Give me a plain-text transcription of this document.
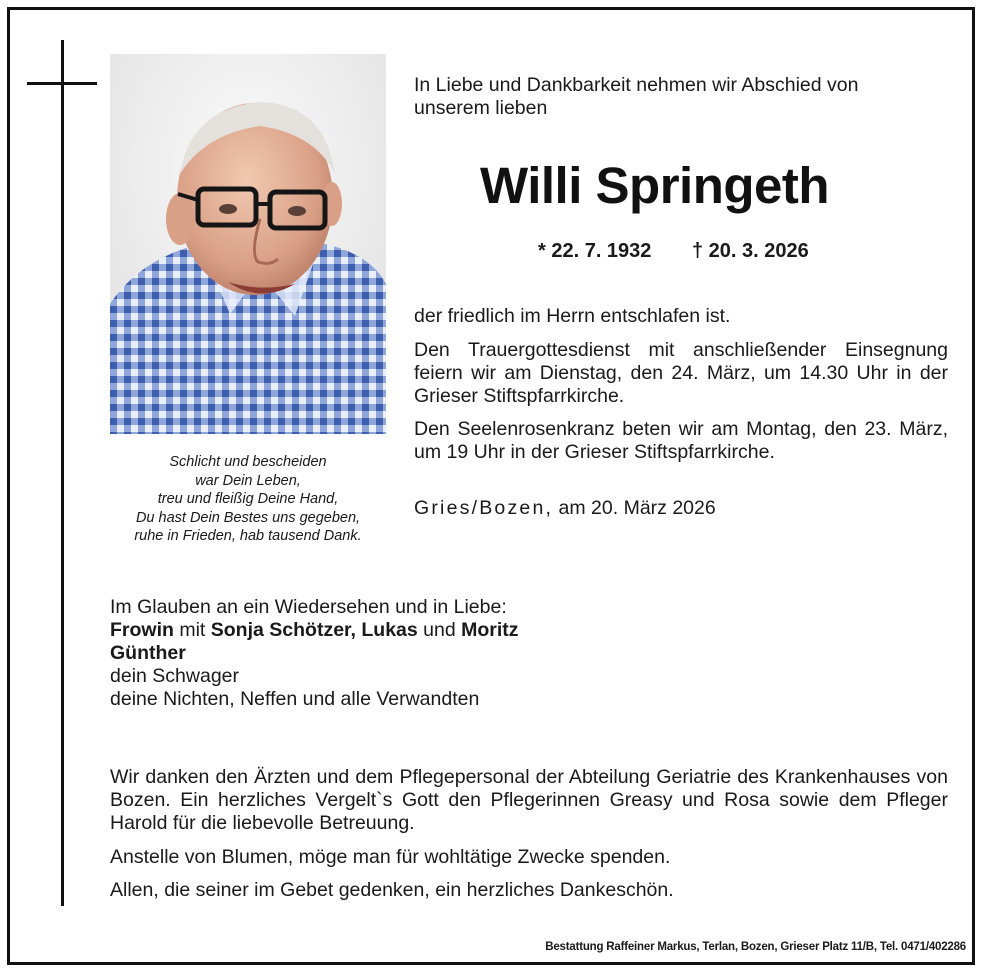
Schlicht und bescheiden
war Dein Leben,
treu und fleißig Deine Hand,
Du hast Dein Bestes uns gegeben,
ruhe in Frieden, hab tausend Dank.
In Liebe und Dankbarkeit nehmen wir Abschied von
unserem lieben
Willi Springeth
* 22. 7. 1932 † 20. 3. 2026
der friedlich im Herrn entschlafen ist.
Den Trauergottesdienst mit anschließender Einsegnung feiern wir am Dienstag, den 24. März, um 14.30 Uhr in der Grieser Stiftspfarrkirche.
Den Seelenrosenkranz beten wir am Montag, den 23. März, um 19 Uhr in der Grieser Stiftspfarrkirche.
Gries/Bozen, am 20. März 2026
Im Glauben an ein Wiedersehen und in Liebe:
Frowin mit Sonja Schötzer, Lukas und Moritz
Günther
dein Schwager
deine Nichten, Neffen und alle Verwandten
Wir danken den Ärzten und dem Pflegepersonal der Abteilung Geriatrie des Krankenhauses von Bozen. Ein herzliches Vergelt`s Gott den Pflegerinnen Greasy und Rosa sowie dem Pfleger Harold für die liebevolle Betreuung.
Anstelle von Blumen, möge man für wohltätige Zwecke spenden.
Allen, die seiner im Gebet gedenken, ein herzliches Dankeschön.
Bestattung Raffeiner Markus, Terlan, Bozen, Grieser Platz 11/B, Tel. 0471/402286
